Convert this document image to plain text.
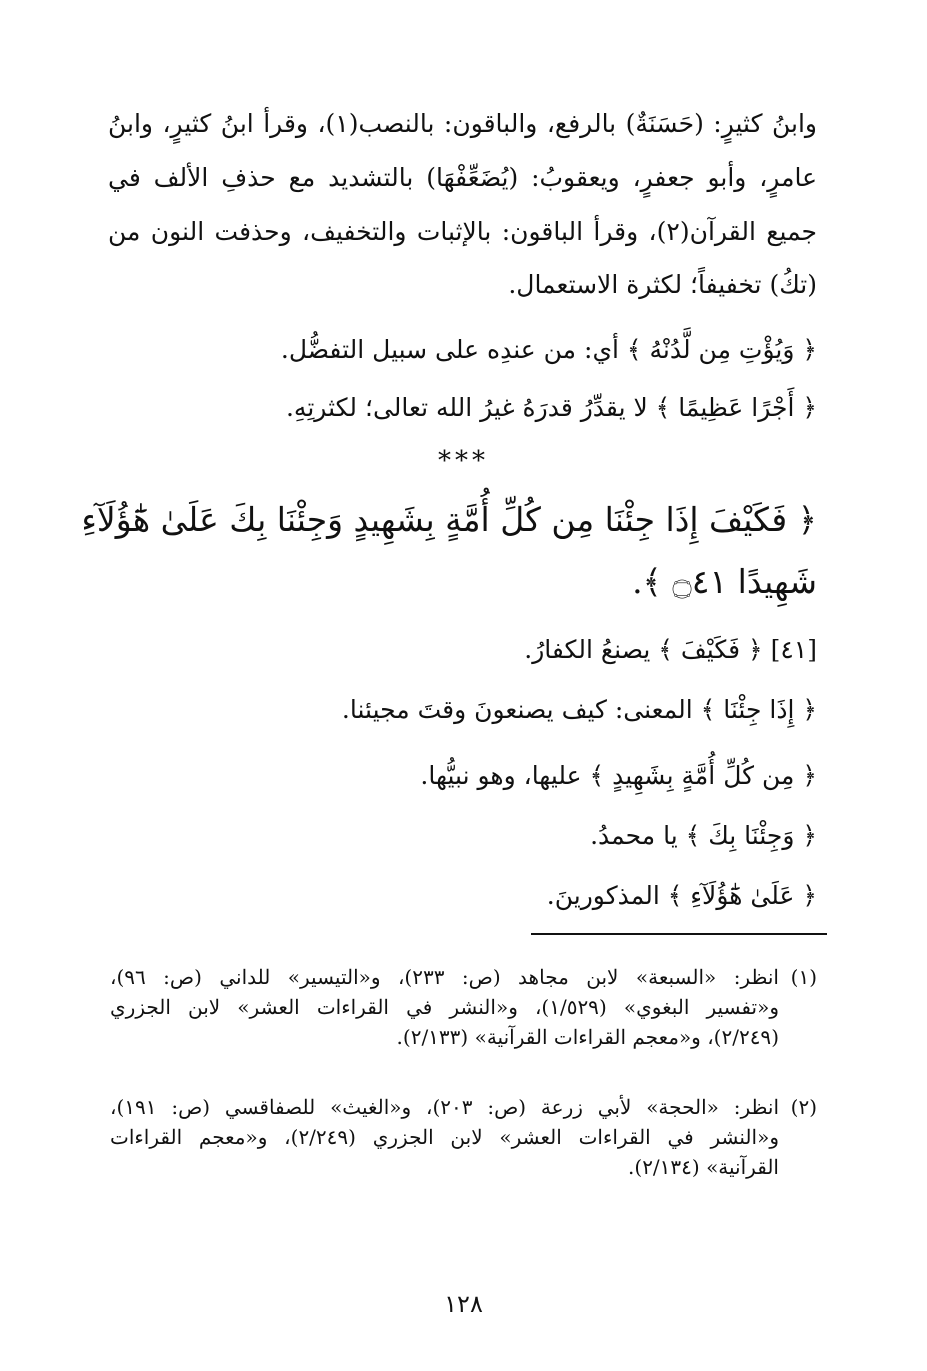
وابنُ كثيرٍ: (حَسَنَةٌ) بالرفع، والباقون: بالنصب(١)، وقرأ ابنُ كثيرٍ، وابنُ
عامرٍ، وأبو جعفرٍ، ويعقوبُ: (يُضَعِّفْهَا) بالتشديد مع حذفِ الألف في
جميع القرآن(٢)، وقرأ الباقون: بالإثبات والتخفيف، وحذفت النون من
(تكُ) تخفيفاً؛ لكثرة الاستعمال.
﴿ وَيُؤْتِ مِن لَّدُنْهُ ﴾ أي: من عندِه على سبيل التفضُّل.
﴿ أَجْرًا عَظِيمًا ﴾ لا يقدِّرُ قدرَهُ غيرُ الله تعالى؛ لكثرتِهِ.
***
﴿ فَكَيْفَ إِذَا جِئْنَا مِن كُلِّ أُمَّةٍ بِشَهِيدٍ وَجِئْنَا بِكَ عَلَىٰ هَٰٓؤُلَآءِ
شَهِيدًا ۝٤١ ﴾.
[٤١] ﴿ فَكَيْفَ ﴾ يصنعُ الكفارُ.
﴿ إِذَا جِئْنَا ﴾ المعنى: كيف يصنعونَ وقتَ مجيئنا.
﴿ مِن كُلِّ أُمَّةٍ بِشَهِيدٍ ﴾ عليها، وهو نبيُّها.
﴿ وَجِئْنَا بِكَ ﴾ يا محمدُ.
﴿ عَلَىٰ هَٰٓؤُلَآءِ ﴾ المذكورينَ.
(١)
انظر: «السبعة» لابن مجاهد (ص: ٢٣٣)، و«التيسير» للداني (ص: ٩٦)،
و«تفسير البغوي» (١/٥٢٩)، و«النشر في القراءات العشر» لابن الجزري
(٢/٢٤٩)، و«معجم القراءات القرآنية» (٢/١٣٣).
(٢)
انظر: «الحجة» لأبي زرعة (ص: ٢٠٣)، و«الغيث» للصفاقسي (ص: ١٩١)،
و«النشر في القراءات العشر» لابن الجزري (٢/٢٤٩)، و«معجم القراءات
القرآنية» (٢/١٣٤).
١٢٨
